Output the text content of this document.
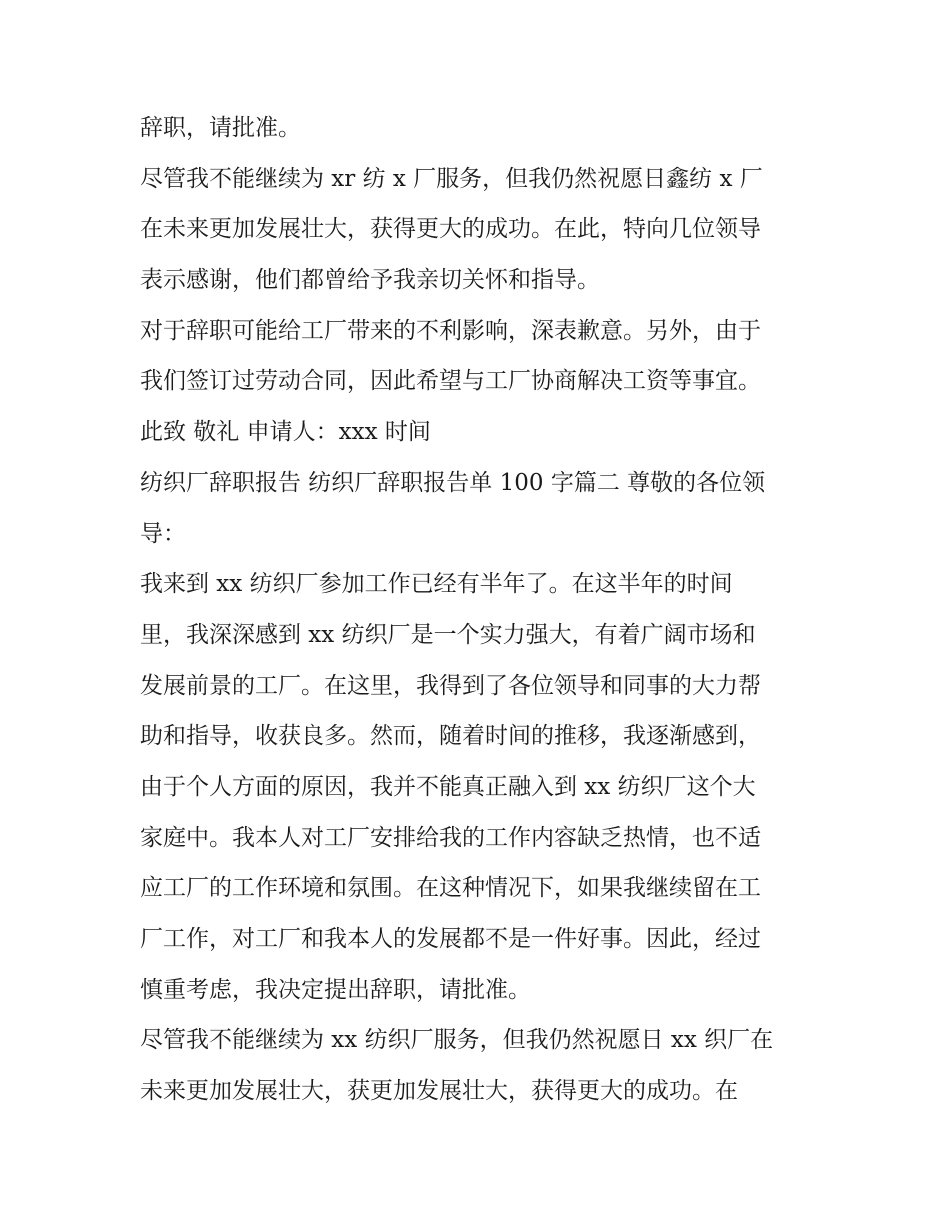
辞职，请批准。
尽管我不能继续为 xr 纺 x 厂服务，但我仍然祝愿日鑫纺 x 厂
在未来更加发展壮大，获得更大的成功。在此，特向几位领导
表示感谢，他们都曾给予我亲切关怀和指导。
对于辞职可能给工厂带来的不利影响，深表歉意。另外，由于
我们签订过劳动合同，因此希望与工厂协商解决工资等事宜。
此致 敬礼 申请人：xxx 时间
纺织厂辞职报告 纺织厂辞职报告单 100 字篇二 尊敬的各位领
导：
我来到 xx 纺织厂参加工作已经有半年了。在这半年的时间
里，我深深感到 xx 纺织厂是一个实力强大，有着广阔市场和
发展前景的工厂。在这里，我得到了各位领导和同事的大力帮
助和指导，收获良多。然而，随着时间的推移，我逐渐感到，
由于个人方面的原因，我并不能真正融入到 xx 纺织厂这个大
家庭中。我本人对工厂安排给我的工作内容缺乏热情，也不适
应工厂的工作环境和氛围。在这种情况下，如果我继续留在工
厂工作，对工厂和我本人的发展都不是一件好事。因此，经过
慎重考虑，我决定提出辞职，请批准。
尽管我不能继续为 xx 纺织厂服务，但我仍然祝愿日 xx 织厂在
未来更加发展壮大，获更加发展壮大，获得更大的成功。在
